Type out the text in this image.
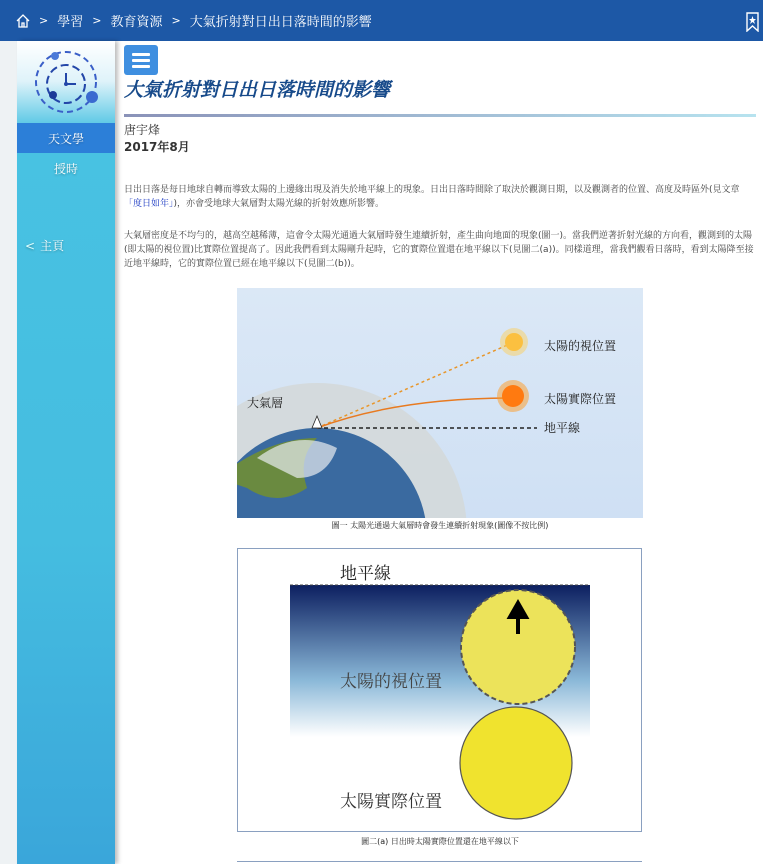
> 學習 > 教育資源 > 大氣折射對日出日落時間的影響
天文學
授時
< 主頁
大氣折射對日出日落時間的影響
唐宇烽
2017年8月
日出日落是每日地球自轉而導致太陽的上邊緣出現及消失於地平線上的現象。日出日落時間除了取決於觀測日期，以及觀測者的位置、高度及時區外(見文章「度日如年」)，亦會受地球大氣層對太陽光線的折射效應所影響。
大氣層密度是不均勻的，越高空越稀薄，這會令太陽光通過大氣層時發生連續折射，產生曲向地面的現象(圖一)。當我們逆著折射光線的方向看，觀測到的太陽(即太陽的視位置)比實際位置提高了。因此我們看到太陽剛升起時，它的實際位置還在地平線以下(見圖二(a))。同樣道理，當我們觀看日落時，看到太陽降至接近地平線時，它的實際位置已經在地平線以下(見圖二(b))。
太陽的視位置
太陽實際位置
大氣層
地平線
圖一 太陽光通過大氣層時會發生連續折射現象(圖像不按比例)
地平線
太陽的視位置
太陽實際位置
圖二(a) 日出時太陽實際位置還在地平線以下
